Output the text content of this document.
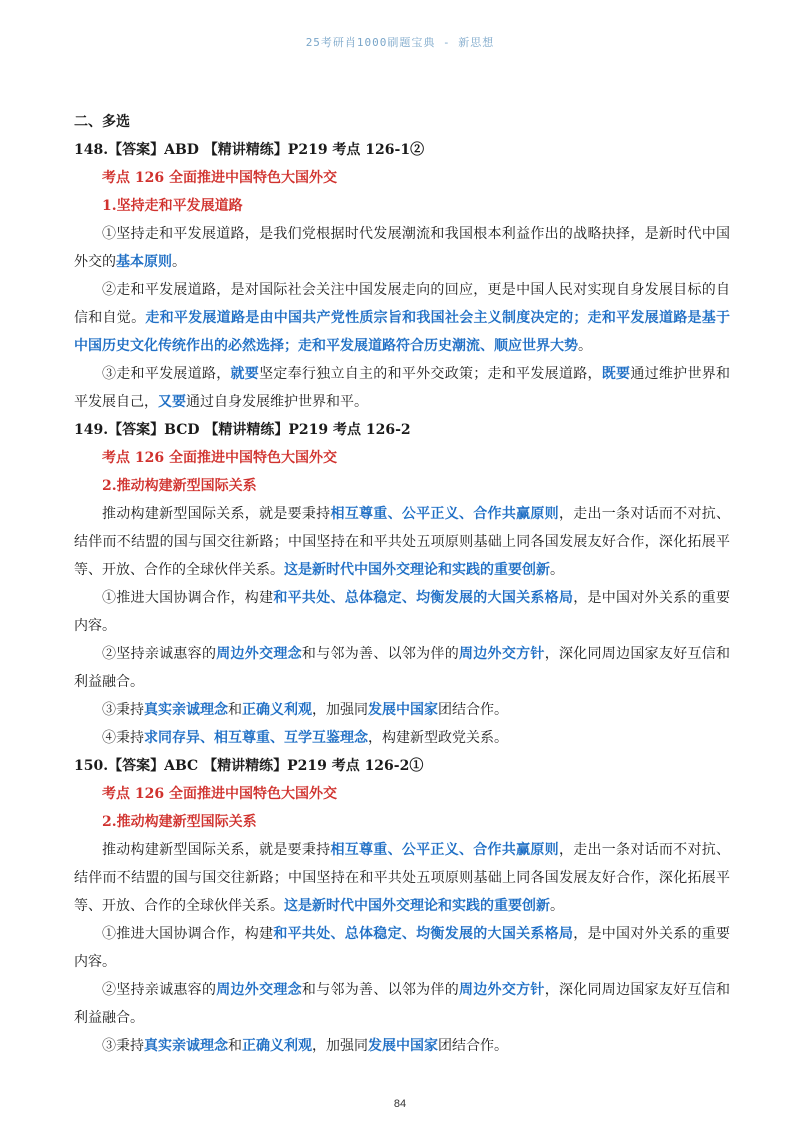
25考研肖1000刷题宝典 - 新思想
二、多选
148.【答案】ABD 【精讲精练】P219 考点 126-1②
考点 126 全面推进中国特色大国外交
1.坚持走和平发展道路
①坚持走和平发展道路，是我们党根据时代发展潮流和我国根本利益作出的战略抉择，是新时代中国外交的基本原则。
②走和平发展道路，是对国际社会关注中国发展走向的回应，更是中国人民对实现自身发展目标的自信和自觉。走和平发展道路是由中国共产党性质宗旨和我国社会主义制度决定的；走和平发展道路是基于中国历史文化传统作出的必然选择；走和平发展道路符合历史潮流、顺应世界大势。
③走和平发展道路，就要坚定奉行独立自主的和平外交政策；走和平发展道路，既要通过维护世界和平发展自己，又要通过自身发展维护世界和平。
149.【答案】BCD 【精讲精练】P219 考点 126-2
考点 126 全面推进中国特色大国外交
2.推动构建新型国际关系
推动构建新型国际关系，就是要秉持相互尊重、公平正义、合作共赢原则，走出一条对话而不对抗、结伴而不结盟的国与国交往新路；中国坚持在和平共处五项原则基础上同各国发展友好合作，深化拓展平等、开放、合作的全球伙伴关系。这是新时代中国外交理论和实践的重要创新。
①推进大国协调合作，构建和平共处、总体稳定、均衡发展的大国关系格局，是中国对外关系的重要内容。
②坚持亲诚惠容的周边外交理念和与邻为善、以邻为伴的周边外交方针，深化同周边国家友好互信和利益融合。
③秉持真实亲诚理念和正确义利观，加强同发展中国家团结合作。
④秉持求同存异、相互尊重、互学互鉴理念，构建新型政党关系。
150.【答案】ABC 【精讲精练】P219 考点 126-2①
考点 126 全面推进中国特色大国外交
2.推动构建新型国际关系
推动构建新型国际关系，就是要秉持相互尊重、公平正义、合作共赢原则，走出一条对话而不对抗、结伴而不结盟的国与国交往新路；中国坚持在和平共处五项原则基础上同各国发展友好合作，深化拓展平等、开放、合作的全球伙伴关系。这是新时代中国外交理论和实践的重要创新。
①推进大国协调合作，构建和平共处、总体稳定、均衡发展的大国关系格局，是中国对外关系的重要内容。
②坚持亲诚惠容的周边外交理念和与邻为善、以邻为伴的周边外交方针，深化同周边国家友好互信和利益融合。
③秉持真实亲诚理念和正确义利观，加强同发展中国家团结合作。
84
